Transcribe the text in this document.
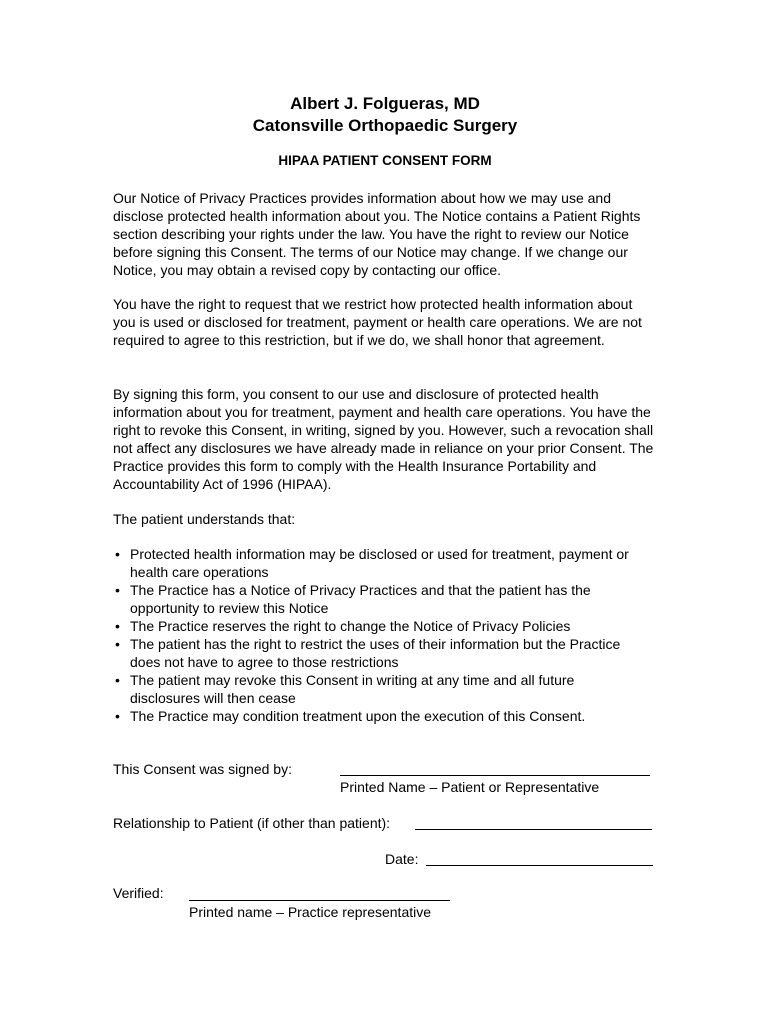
Albert J. Folgueras, MD
Catonsville Orthopaedic Surgery
HIPAA PATIENT CONSENT FORM

Our Notice of Privacy Practices provides information about how we may use and disclose protected health information about you. The Notice contains a Patient Rights section describing your rights under the law. You have the right to review our Notice before signing this Consent. The terms of our Notice may change. If we change our Notice, you may obtain a revised copy by contacting our office.

You have the right to request that we restrict how protected health information about you is used or disclosed for treatment, payment or health care operations. We are not required to agree to this restriction, but if we do, we shall honor that agreement.

By signing this form, you consent to our use and disclosure of protected health information about you for treatment, payment and health care operations. You have the right to revoke this Consent, in writing, signed by you. However, such a revocation shall not affect any disclosures we have already made in reliance on your prior Consent. The Practice provides this form to comply with the Health Insurance Portability and Accountability Act of 1996 (HIPAA).

The patient understands that:

• Protected health information may be disclosed or used for treatment, payment or health care operations
• The Practice has a Notice of Privacy Practices and that the patient has the opportunity to review this Notice
• The Practice reserves the right to change the Notice of Privacy Policies
• The patient has the right to restrict the uses of their information but the Practice does not have to agree to those restrictions
• The patient may revoke this Consent in writing at any time and all future disclosures will then cease
• The Practice may condition treatment upon the execution of this Consent.
This Consent was signed by:
Printed Name – Patient or Representative
Relationship to Patient (if other than patient):
Date:
Verified:
Printed name – Practice representative
